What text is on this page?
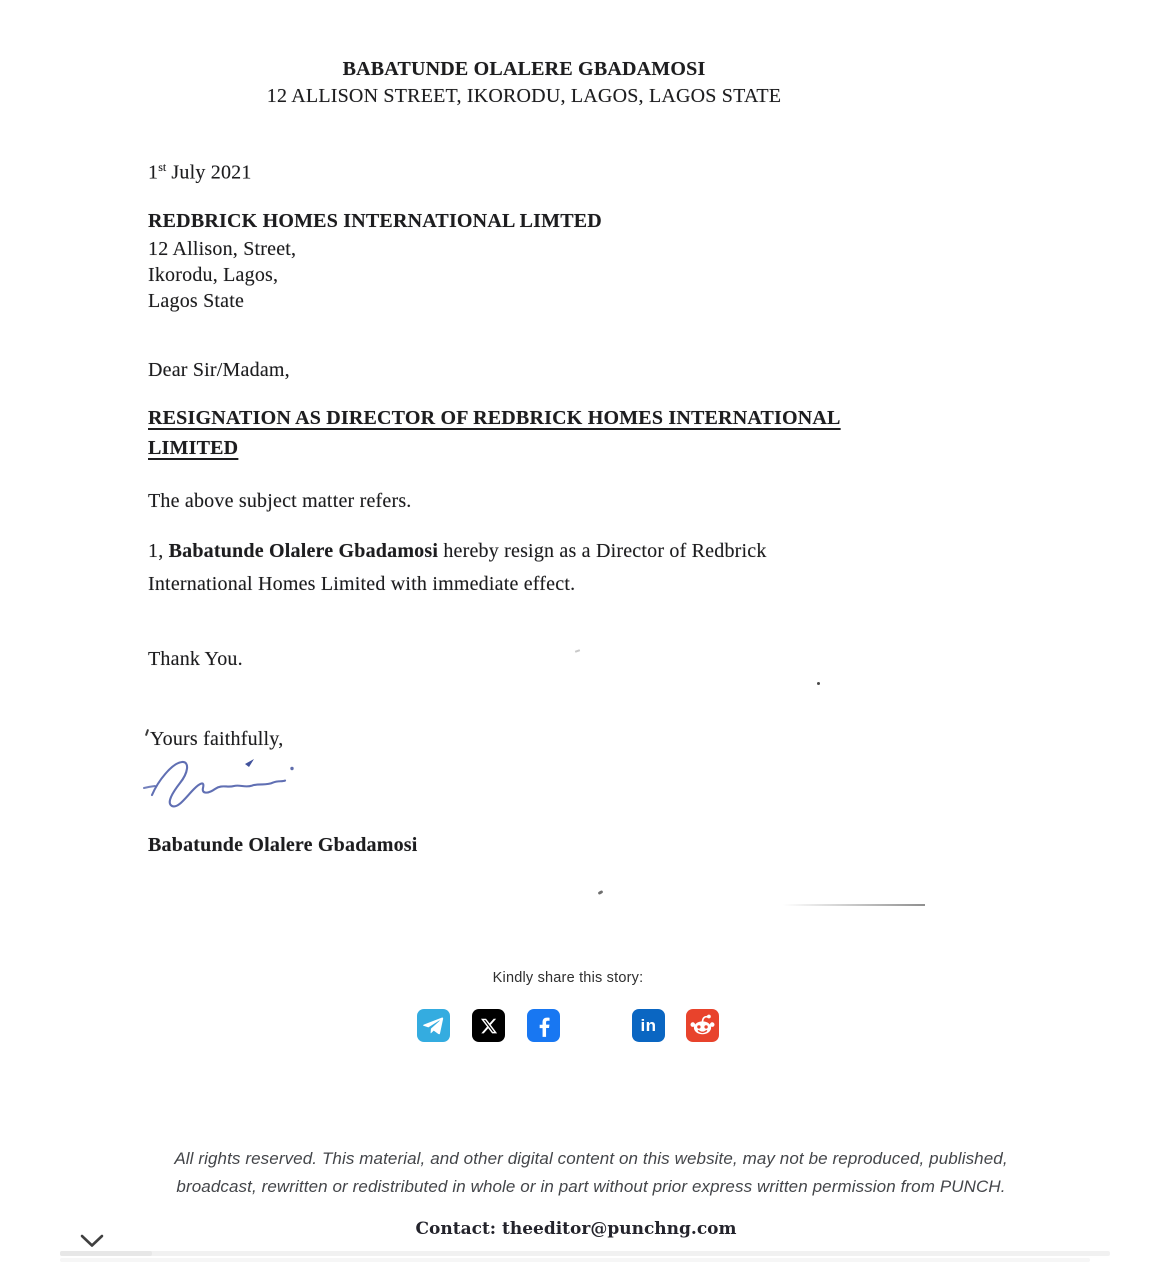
BABATUNDE OLALERE GBADAMOSI
12 ALLISON STREET, IKORODU, LAGOS, LAGOS STATE
1st July 2021
REDBRICK HOMES INTERNATIONAL LIMTED
12 Allison, Street,
Ikorodu, Lagos,
Lagos State
Dear Sir/Madam,
RESIGNATION AS DIRECTOR OF REDBRICK HOMES INTERNATIONAL
LIMITED
The above subject matter refers.
1, Babatunde Olalere Gbadamosi hereby resign as a Director of Redbrick
International Homes Limited with immediate effect.
Thank You.
Yours faithfully,
Babatunde Olalere Gbadamosi
Kindly share this story:
in
All rights reserved. This material, and other digital content on this website, may not be reproduced, published,
broadcast, rewritten or redistributed in whole or in part without prior express written permission from PUNCH.
Contact: theeditor@punchng.com
